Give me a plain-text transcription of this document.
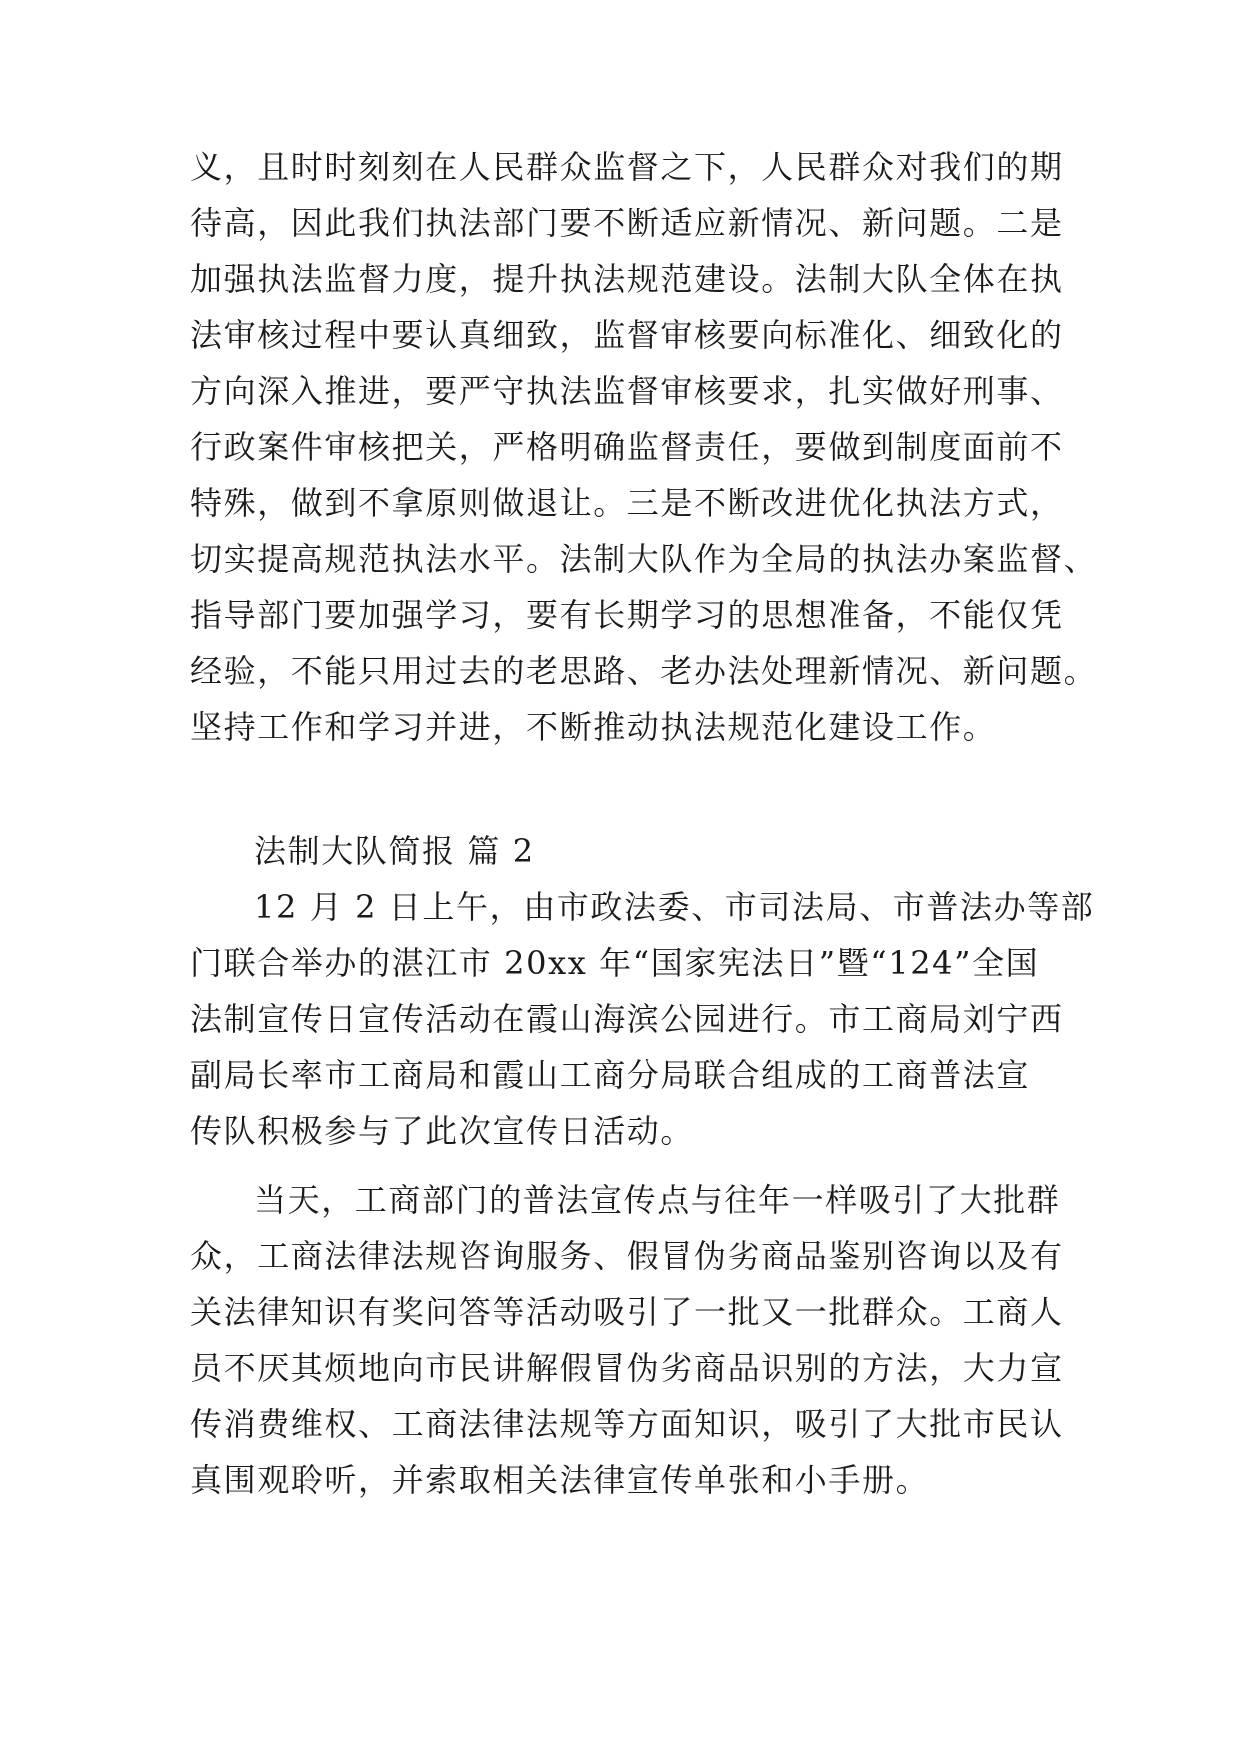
义，且时时刻刻在人民群众监督之下，人民群众对我们的期
待高，因此我们执法部门要不断适应新情况、新问题。二是
加强执法监督力度，提升执法规范建设。法制大队全体在执
法审核过程中要认真细致，监督审核要向标准化、细致化的
方向深入推进，要严守执法监督审核要求，扎实做好刑事、
行政案件审核把关，严格明确监督责任，要做到制度面前不
特殊，做到不拿原则做退让。三是不断改进优化执法方式，
切实提高规范执法水平。法制大队作为全局的执法办案监督、
指导部门要加强学习，要有长期学习的思想准备，不能仅凭
经验，不能只用过去的老思路、老办法处理新情况、新问题。
坚持工作和学习并进，不断推动执法规范化建设工作。
法制大队简报 篇 2
12 月 2 日上午，由市政法委、市司法局、市普法办等部
门联合举办的湛江市 20xx 年“国家宪法日”暨“124”全国
法制宣传日宣传活动在霞山海滨公园进行。市工商局刘宁西
副局长率市工商局和霞山工商分局联合组成的工商普法宣
传队积极参与了此次宣传日活动。
当天，工商部门的普法宣传点与往年一样吸引了大批群
众，工商法律法规咨询服务、假冒伪劣商品鉴别咨询以及有
关法律知识有奖问答等活动吸引了一批又一批群众。工商人
员不厌其烦地向市民讲解假冒伪劣商品识别的方法，大力宣
传消费维权、工商法律法规等方面知识，吸引了大批市民认
真围观聆听，并索取相关法律宣传单张和小手册。
